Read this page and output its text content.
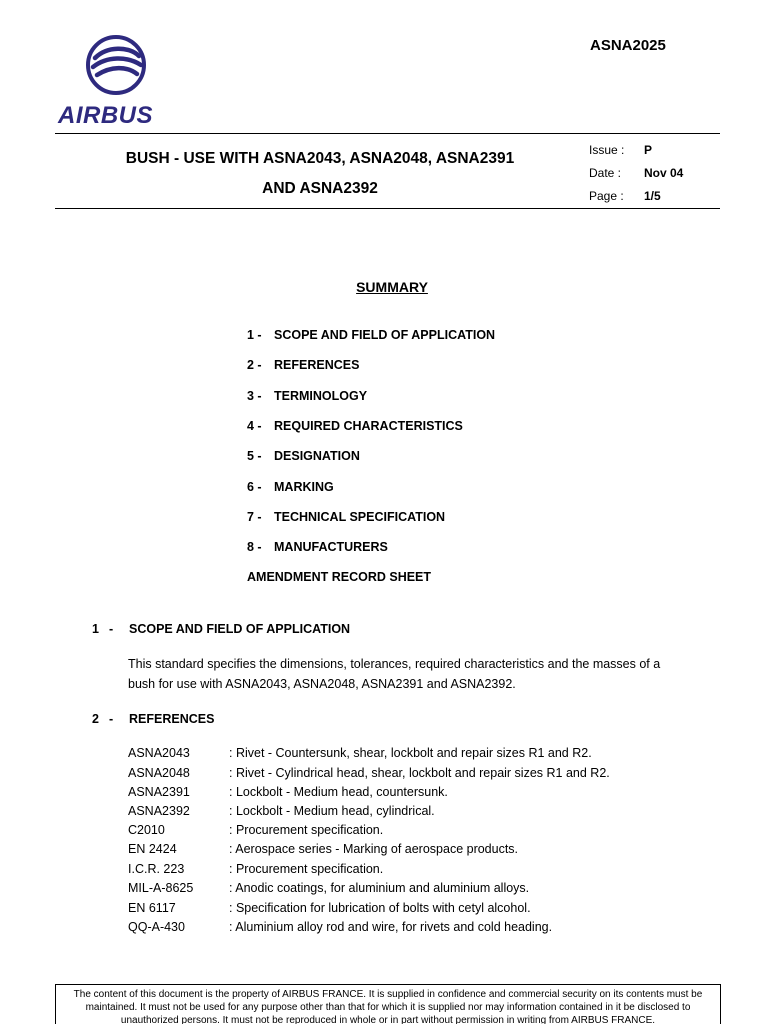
AIRBUS
ASNA2025
BUSH - USE WITH ASNA2043, ASNA2048, ASNA2391
AND ASNA2392
Issue : P
Date : Nov 04
Page : 1/5
SUMMARY
1 - SCOPE AND FIELD OF APPLICATION
2 - REFERENCES
3 - TERMINOLOGY
4 - REQUIRED CHARACTERISTICS
5 - DESIGNATION
6 - MARKING
7 - TECHNICAL SPECIFICATION
8 - MANUFACTURERS
AMENDMENT RECORD SHEET
1 - SCOPE AND FIELD OF APPLICATION
This standard specifies the dimensions, tolerances, required characteristics and the masses of a
bush for use with ASNA2043, ASNA2048, ASNA2391 and ASNA2392.
2 - REFERENCES
ASNA2043	: Rivet - Countersunk, shear, lockbolt and repair sizes R1 and R2.
ASNA2048	: Rivet - Cylindrical head, shear, lockbolt and repair sizes R1 and R2.
ASNA2391	: Lockbolt - Medium head, countersunk.
ASNA2392	: Lockbolt - Medium head, cylindrical.
C2010	: Procurement specification.
EN 2424	: Aerospace series - Marking of aerospace products.
I.C.R. 223	: Procurement specification.
MIL-A-8625	: Anodic coatings, for aluminium and aluminium alloys.
EN 6117	: Specification for lubrication of bolts with cetyl alcohol.
QQ-A-430	: Aluminium alloy rod and wire, for rivets and cold heading.
The content of this document is the property of AIRBUS FRANCE. It is supplied in confidence and commercial security on its contents must be
maintained. It must not be used for any purpose other than that for which it is supplied nor may information contained in it be disclosed to
unauthorized persons. It must not be reproduced in whole or in part without permission in writing from AIRBUS FRANCE.
